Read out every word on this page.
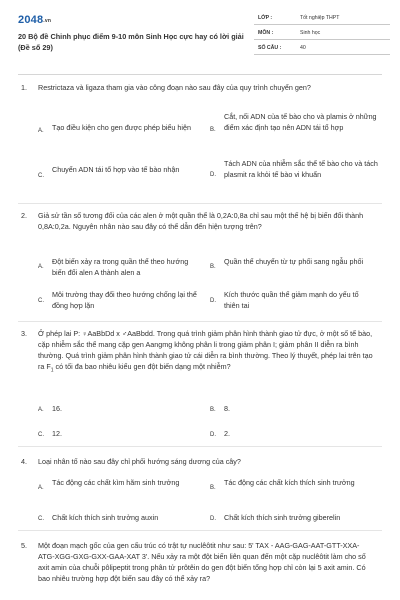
2048.vn
20 Bộ đề Chinh phục điểm 9-10 môn Sinh Học cực hay có lời giải (Đề số 29)
LỚP :	Tốt nghiệp THPT
MÔN :	Sinh học
SỐ CÂU :	40
1. Restrictaza và ligaza tham gia vào công đoạn nào sau đây của quy trình chuyển gen?
A. Tạo điều kiện cho gen được phép biểu hiện	B.
Cắt, nối ADN của tế bào cho và plamis ở những điểm xác định tạo nên ADN tái tổ hợp
C.
Chuyển ADN tái tổ hợp vào tế bào nhận
D.
Tách ADN của nhiễm sắc thể tế bào cho và tách plasmit ra khỏi tế bào vi khuẩn
2. Giả sử tần số tương đối của các alen ở một quần thể là 0,2A:0,8a chỉ sau một thế hệ bị biến đổi thành 0,8A:0,2a. Nguyên nhân nào sau đây có thể dẫn đến hiện tượng trên?
A.
Đột biến xảy ra trong quần thể theo hướng biến đổi alen A thành alen a
B.
Quần thể chuyển từ tự phối sang ngẫu phối
C.
Môi trường thay đổi theo hướng chống lại thể đồng hợp lặn	D.
Kích thước quần thể giảm mạnh do yếu tố thiên tai
3. Ở phép lai P: ♀AaBbDd x ♂AaBbdd. Trong quá trình giảm phân hình thành giao tử đực, ở một số tế bào, cặp nhiễm sắc thể mang cặp gen Aangmg không phân li trong giảm phân I; giảm phân II diễn ra bình thường. Quá trình giảm phân hình thành giao tử cái diễn ra bình thường. Theo lý thuyết, phép lai trên tạo ra $F_1$ có tối đa bao nhiêu kiểu gen đột biến dạng một nhiễm?
A. 16.	B. 8.
C. 12.	D. 2.
4. Loại nhân tố nào sau đây chỉ phối hướng sáng dương của cây?
A.
Tác động các chất kìm hãm sinh trưởng
B.
Tác động các chất kích thích sinh trưởng
C. Chất kích thích sinh trưởng auxin	D. Chất kích thích sinh trưởng giberelin
5. Một đoạn mạch gốc của gen cấu trúc có trật tự nuclêôtit như sau: 5' TAX - AAG-GAG-AAT-GTT-XXA-ATG-XGG-GXG-GXX-GAA-XAT 3'. Nếu xảy ra một đột biến liên quan đến một cặp nuclêôtit làm cho số axit amin của chuỗi pôlipeptit trong phân tử prôtêin do gen đột biến tổng hợp chỉ còn lại 5 axit amin. Có bao nhiêu trường hợp đột biến sau đây có thể xảy ra?
